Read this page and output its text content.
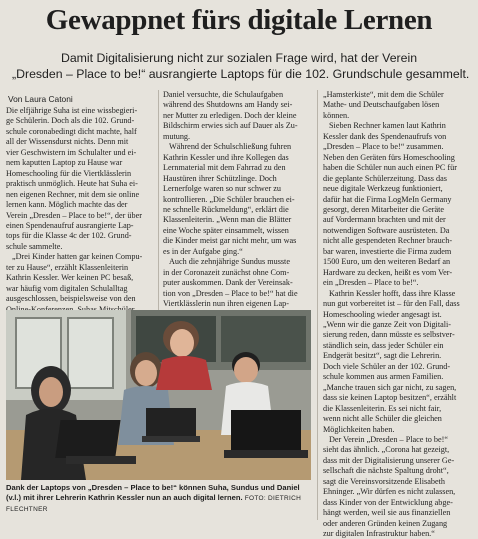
Gewappnet fürs digitale Lernen
Damit Digitalisierung nicht zur sozialen Frage wird, hat der Verein
„Dresden – Place to be!“ ausrangierte Laptops für die 102. Grundschule gesammelt.
Von Laura Catoni

Die elfjährige Suha ist eine wissbegieri-
ge Schülerin. Doch als die 102. Grund-
schule coronabedingt dicht machte, half
all der Wissensdurst nichts. Denn mit
vier Geschwistern im Schulalter und ei-
nem kaputten Laptop zu Hause war
Homeschooling für die Viertklässlerin
praktisch unmöglich. Heute hat Suha ei-
nen eigenen Rechner, mit dem sie online
lernen kann. Möglich machte das der
Verein „Dresden – Place to be!“, der über
einen Spendenaufruf ausrangierte Lap-
tops für die Klasse 4c der 102. Grund-
schule sammelte.

„Drei Kinder hatten gar keinen Compu-
ter zu Hause“, erzählt Klassenleiterin
Kathrin Kessler. Wer keinen PC besaß,
war häufig vom digitalen Schulalltag
ausgeschlossen, beispielsweise von den

Daniel versuchte, die Schulaufgaben
während des Shutdowns am Handy sei-
ner Mutter zu erledigen. Doch der kleine
Bildschirm erwies sich auf Dauer als Zu-
mutung.

Während der Schulschließung fuhren
Kathrin Kessler und ihre Kollegen das
Lernmaterial mit dem Fahrrad zu den
Haustüren ihrer Schützlinge. Doch
Lernerfolge waren so nur schwer zu
kontrollieren. „Die Schüler brauchen ei-
ne schnelle Rückmeldung“, erklärt die
Klassenleiterin. „Wenn man die Blätter
eine Woche später einsammelt, wissen
die Kinder meist gar nicht mehr, um was
es in der Aufgabe ging.“

Auch die zehnjährige Sundus musste
in der Coronazeit zunächst ohne Com-
puter auskommen. Dank der Vereinsak-
tion von „Dresden – Place to be!“ hat die
Viertklässlerin nun ihren eigenen Lap-

„Hamsterkiste“, mit dem die Schüler
Mathe- und Deutschaufgaben lösen
können.

Sieben Rechner kamen laut Kathrin
Kessler dank des Spendenaufrufs von
„Dresden – Place to be!“ zusammen.
Neben den Geräten fürs Homeschooling
haben die Schüler nun auch einen PC für
die geplante Schülerzeitung. Dass das
neue digitale Werkzeug funktioniert,
dafür hat die Firma LogMeIn Germany
gesorgt, deren Mitarbeiter die Geräte
auf Vordermann brachten und mit der
notwendigen Software ausrüsteten. Da
nicht alle gespendeten Rechner brauch-
bar waren, investierte die Firma zudem
1500 Euro, um den weiteren Bedarf an
Hardware zu decken, heißt es vom Ver-
ein „Dresden – Place to be!“.

Kathrin Kessler hofft, dass ihre Klasse
nun gut vorbereitet ist – für den Fall, dass
Homeschooling wieder angesagt ist.
„Wenn wir die ganze Zeit von Digitali-
sierung reden, dann müsste es selbstver-
ständlich sein, dass jeder Schüler ein
Endgerät besitzt“, sagt die Lehrerin.
Doch viele Schüler an der 102. Grund-
schule kommen aus armen Familien.
„Manche trauen sich gar nicht, zu sagen,
dass sie keinen Laptop besitzen“, erzählt
die Klassenleiterin. Es sei nicht fair,
wenn nicht alle Schüler die gleichen
Möglichkeiten haben.

Der Verein „Dresden – Place to be!“
sieht das ähnlich. „Corona hat gezeigt,
dass mit der Digitalisierung unserer Ge-
sellschaft die nächste Spaltung droht“,
sagt die Vereinsvorsitzende Elisabeth
Ehninger. „Wir dürfen es nicht zulassen,
dass Kinder von der Entwicklung abge-
hängt werden, weil sie aus finanziellen
oder anderen Gründen keinen Zugang
zur digitalen Infrastruktur haben.“

Dank der Laptops von „Dresden – Place to be!“ können Suha, Sundus und Daniel (v.l.) mit ihrer Lehrerin Kathrin Kessler nun an auch digital lernen. FOTO: DIETRICH FLECHTNER
